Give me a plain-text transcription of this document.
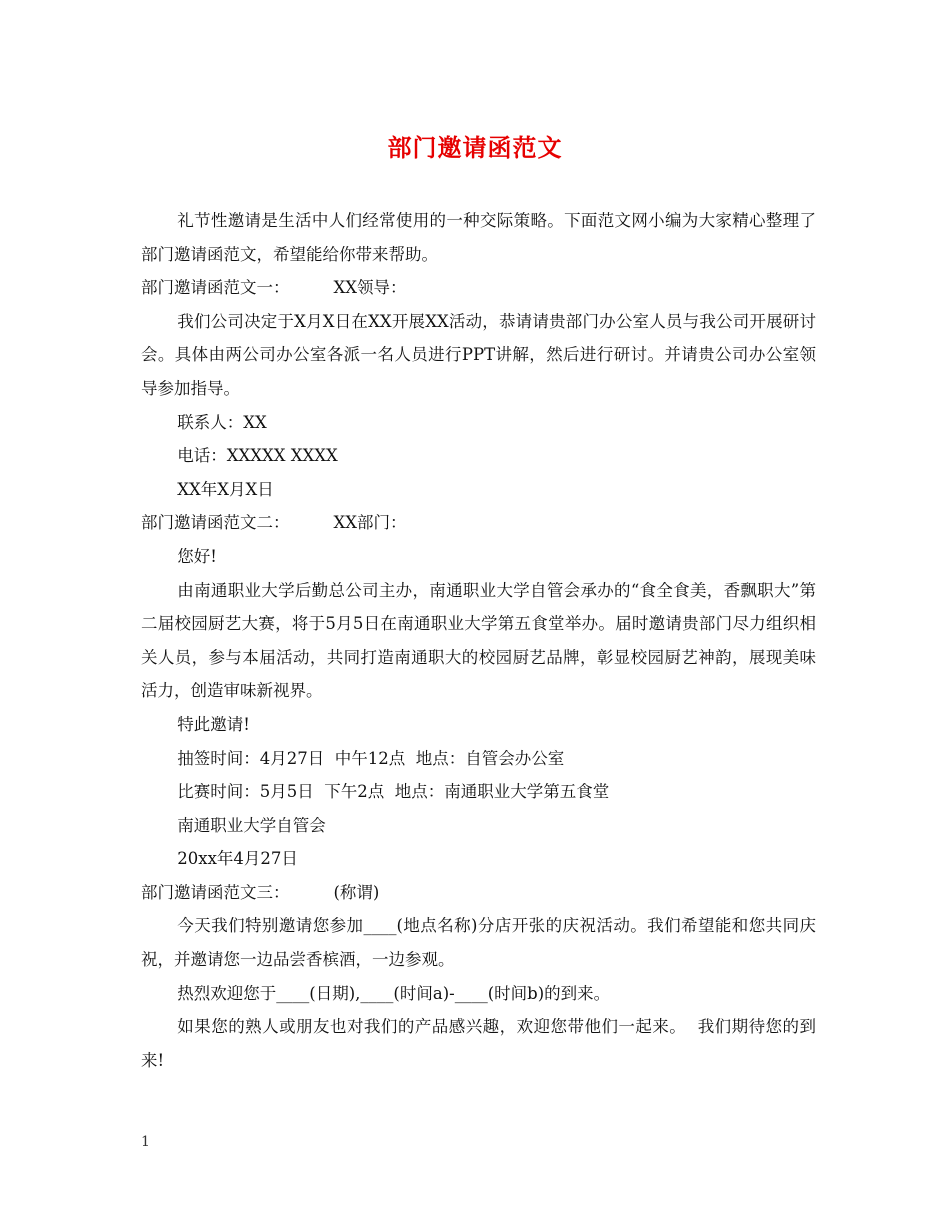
部门邀请函范文

礼节性邀请是生活中人们经常使用的一种交际策略。下面范文网小编为大家精心整理了部门邀请函范文，希望能给你带来帮助。

部门邀请函范文一：	XX领导：

我们公司决定于X月X日在XX开展XX活动，恭请请贵部门办公室人员与我公司开展研讨会。具体由两公司办公室各派一名人员进行PPT讲解，然后进行研讨。并请贵公司办公室领导参加指导。

联系人：XX

电话：XXXXX XXXX

XX年X月X日

部门邀请函范文二：	XX部门：

您好!

由南通职业大学后勤总公司主办，南通职业大学自管会承办的“食全食美，香飘职大”第二届校园厨艺大赛，将于5月5日在南通职业大学第五食堂举办。届时邀请贵部门尽力组织相关人员，参与本届活动，共同打造南通职大的校园厨艺品牌，彰显校园厨艺神韵，展现美味活力，创造审味新视界。

特此邀请!

抽签时间：4月27日  中午12点  地点：自管会办公室

比赛时间：5月5日  下午2点  地点：南通职业大学第五食堂

南通职业大学自管会

20xx年4月27日

部门邀请函范文三：	(称谓)

今天我们特别邀请您参加____(地点名称)分店开张的庆祝活动。我们希望能和您共同庆祝，并邀请您一边品尝香槟酒，一边参观。

热烈欢迎您于____(日期),____(时间a)-____(时间b)的到来。

如果您的熟人或朋友也对我们的产品感兴趣，欢迎您带他们一起来。  我们期待您的到来!

1
